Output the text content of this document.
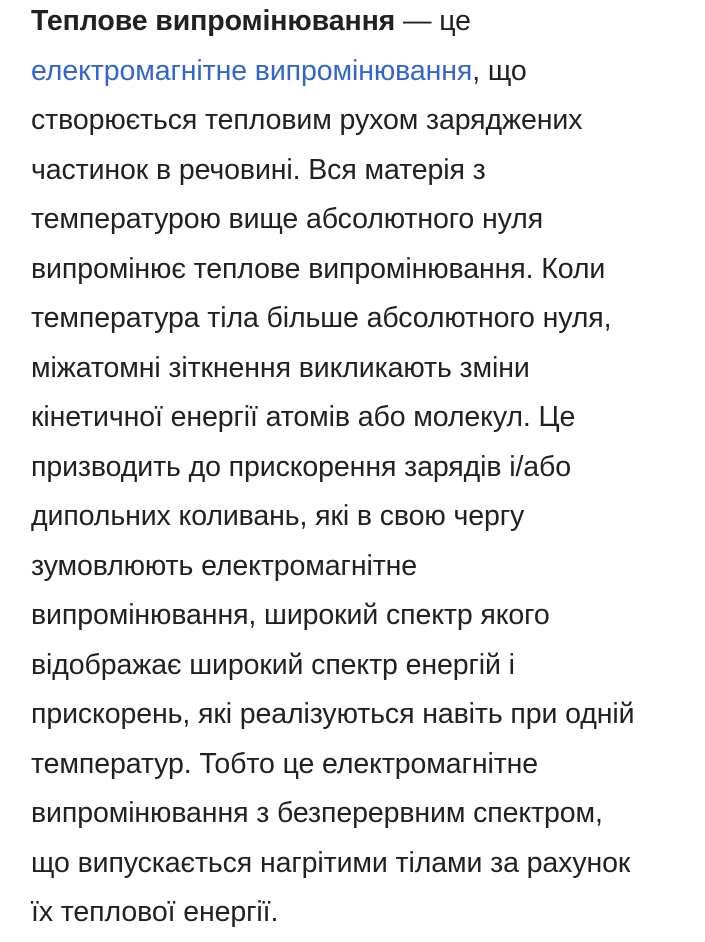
Теплове випромінювання — це
електромагнітне випромінювання, що
створюється тепловим рухом заряджених
частинок в речовині. Вся матерія з
температурою вище абсолютного нуля
випромінює теплове випромінювання. Коли
температура тіла більше абсолютного нуля,
міжатомні зіткнення викликають зміни
кінетичної енергії атомів або молекул. Це
призводить до прискорення зарядів і/або
дипольних коливань, які в свою чергу
зумовлюють електромагнітне
випромінювання, широкий спектр якого
відображає широкий спектр енергій і
прискорень, які реалізуються навіть при одній
температур. Тобто це електромагнітне
випромінювання з безперервним спектром,
що випускається нагрітими тілами за рахунок
їх теплової енергії.
